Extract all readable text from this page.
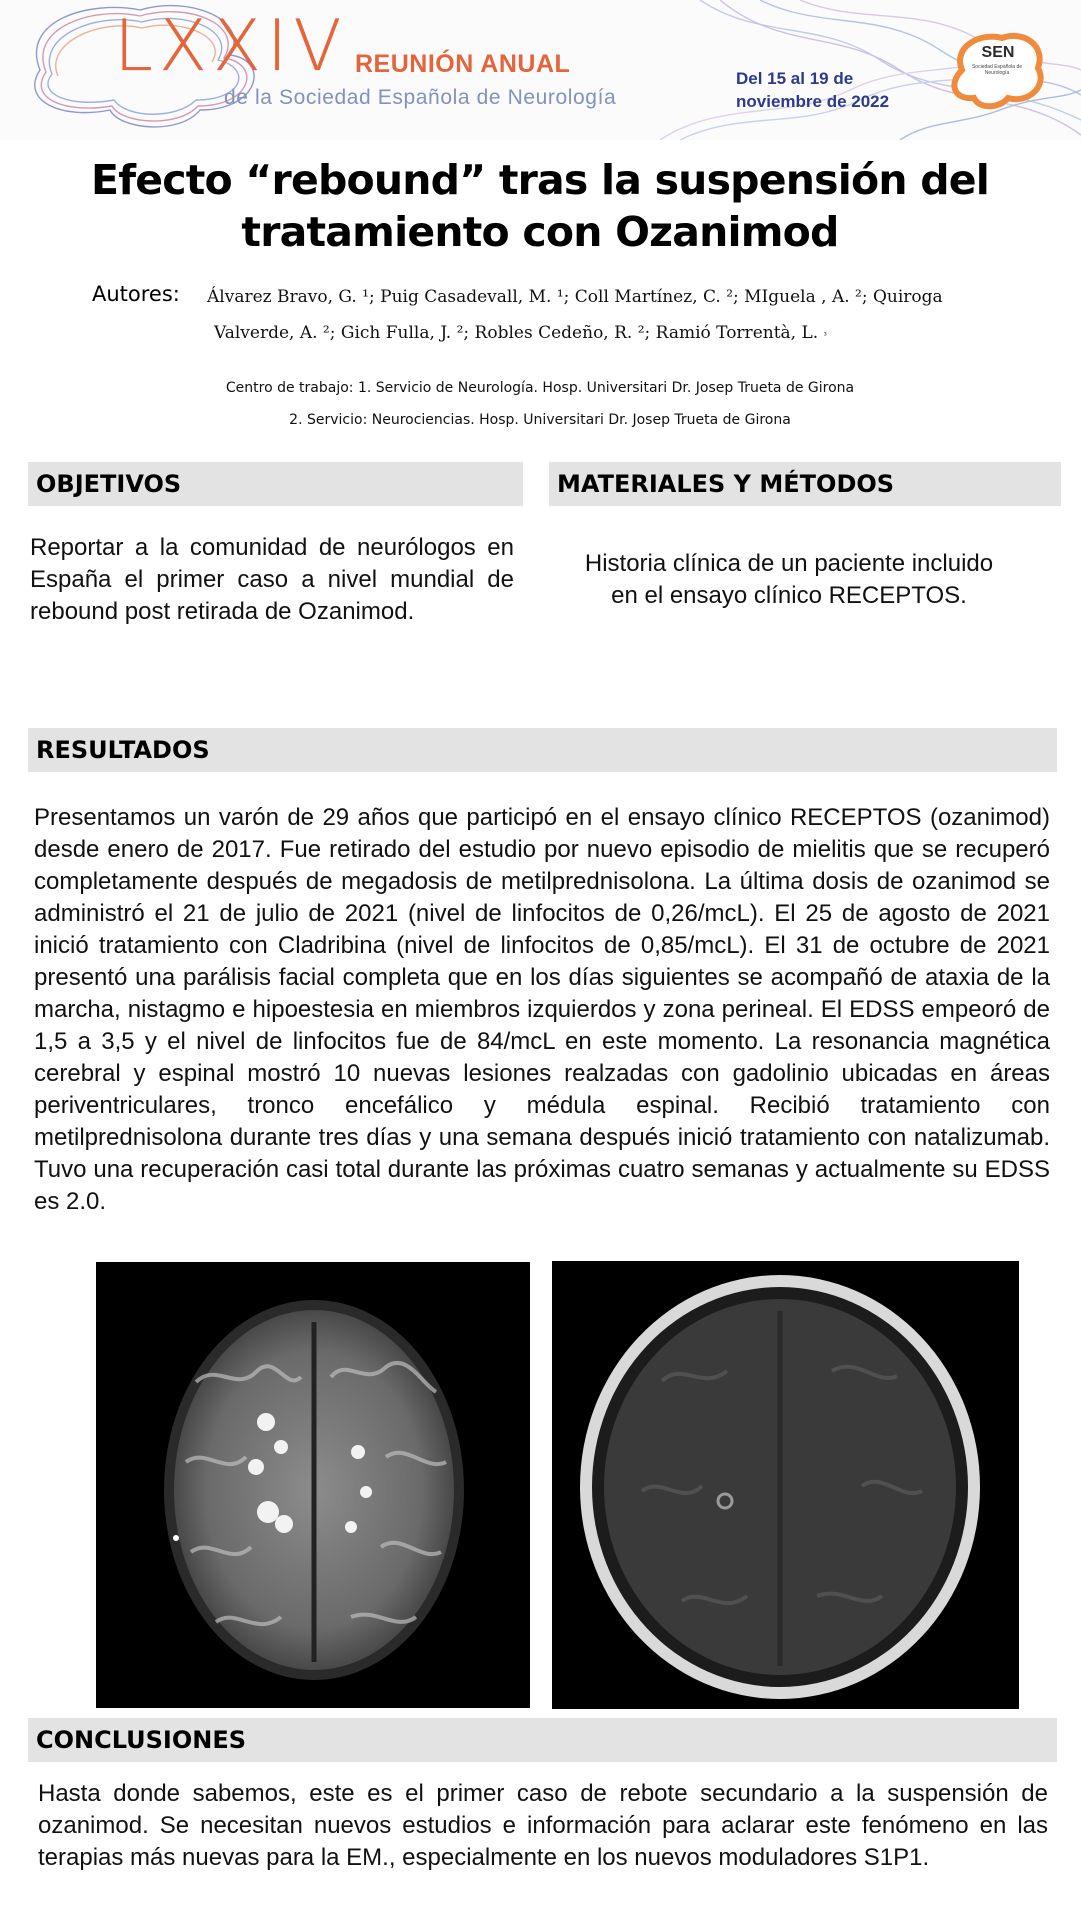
LXXIV REUNIÓN ANUAL
de la Sociedad Española de Neurología
Del 15 al 19 de
noviembre de 2022
SEN
Sociedad Española de Neurología
Efecto “rebound” tras la suspensión del
tratamiento con Ozanimod
Autores: Álvarez Bravo, G. ¹; Puig Casadevall, M. ¹; Coll Martínez, C. ²; MIguela , A. ²; Quiroga
Valverde, A. ²; Gich Fulla, J. ²; Robles Cedeño, R. ²; Ramió Torrentà, L. ³
Centro de trabajo: 1. Servicio de Neurología. Hosp. Universitari Dr. Josep Trueta de Girona
2. Servicio: Neurociencias. Hosp. Universitari Dr. Josep Trueta de Girona
OBJETIVOS
Reportar a la comunidad de neurólogos en España el primer caso a nivel mundial de rebound post retirada de Ozanimod.
MATERIALES Y MÉTODOS
Historia clínica de un paciente incluido
en el ensayo clínico RECEPTOS.
RESULTADOS
Presentamos un varón de 29 años que participó en el ensayo clínico RECEPTOS (ozanimod) desde enero de 2017. Fue retirado del estudio por nuevo episodio de mielitis que se recuperó completamente después de megadosis de metilprednisolona. La última dosis de ozanimod se administró el 21 de julio de 2021 (nivel de linfocitos de 0,26/mcL). El 25 de agosto de 2021 inició tratamiento con Cladribina (nivel de linfocitos de 0,85/mcL). El 31 de octubre de 2021 presentó una parálisis facial completa que en los días siguientes se acompañó de ataxia de la marcha, nistagmo e hipoestesia en miembros izquierdos y zona perineal. El EDSS empeoró de 1,5 a 3,5 y el nivel de linfocitos fue de 84/mcL en este momento. La resonancia magnética cerebral y espinal mostró 10 nuevas lesiones realzadas con gadolinio ubicadas en áreas periventriculares, tronco encefálico y médula espinal. Recibió tratamiento con metilprednisolona durante tres días y una semana después inició tratamiento con natalizumab. Tuvo una recuperación casi total durante las próximas cuatro semanas y actualmente su EDSS es 2.0.
CONCLUSIONES
Hasta donde sabemos, este es el primer caso de rebote secundario a la suspensión de ozanimod. Se necesitan nuevos estudios e información para aclarar este fenómeno en las terapias más nuevas para la EM., especialmente en los nuevos moduladores S1P1.
